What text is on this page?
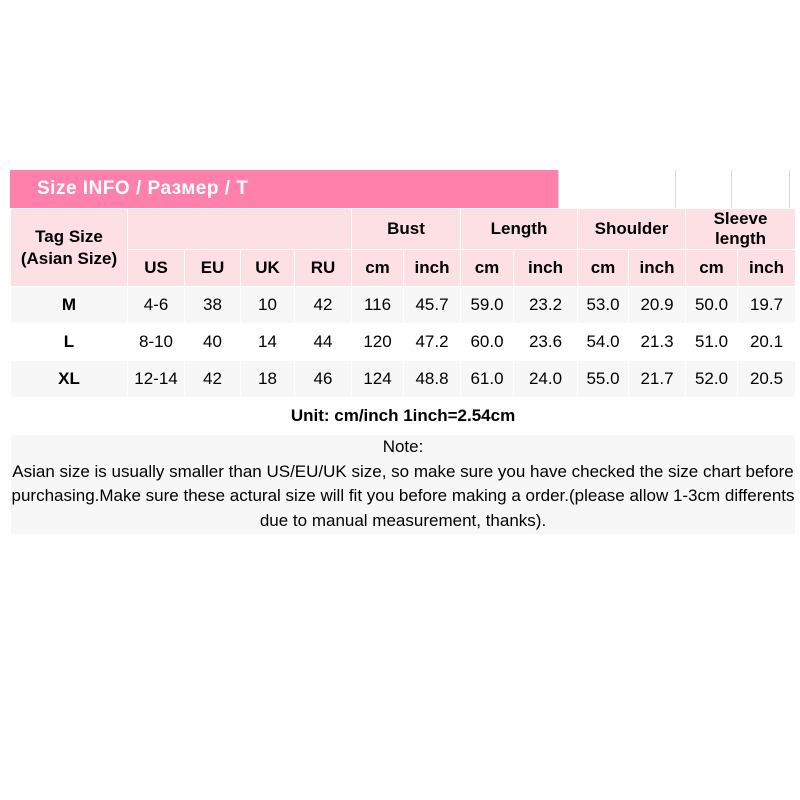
Size INFO / Размер / T
Tag Size (Asian Size)					Bust		Length		Shoulder		Sleeve length	
	US	EU	UK	RU	cm	inch	cm	inch	cm	inch	cm	inch
M	4-6	38	10	42	116	45.7	59.0	23.2	53.0	20.9	50.0	19.7
L	8-10	40	14	44	120	47.2	60.0	23.6	54.0	21.3	51.0	20.1
XL	12-14	42	18	46	124	48.8	61.0	24.0	55.0	21.7	52.0	20.5
Unit: cm/inch 1inch=2.54cm												

Note:
Asian size is usually smaller than US/EU/UK size, so make sure you have checked the size chart before purchasing.Make sure these actural size will fit you before making a order.(please allow 1-3cm differents due to manual measurement, thanks).												
